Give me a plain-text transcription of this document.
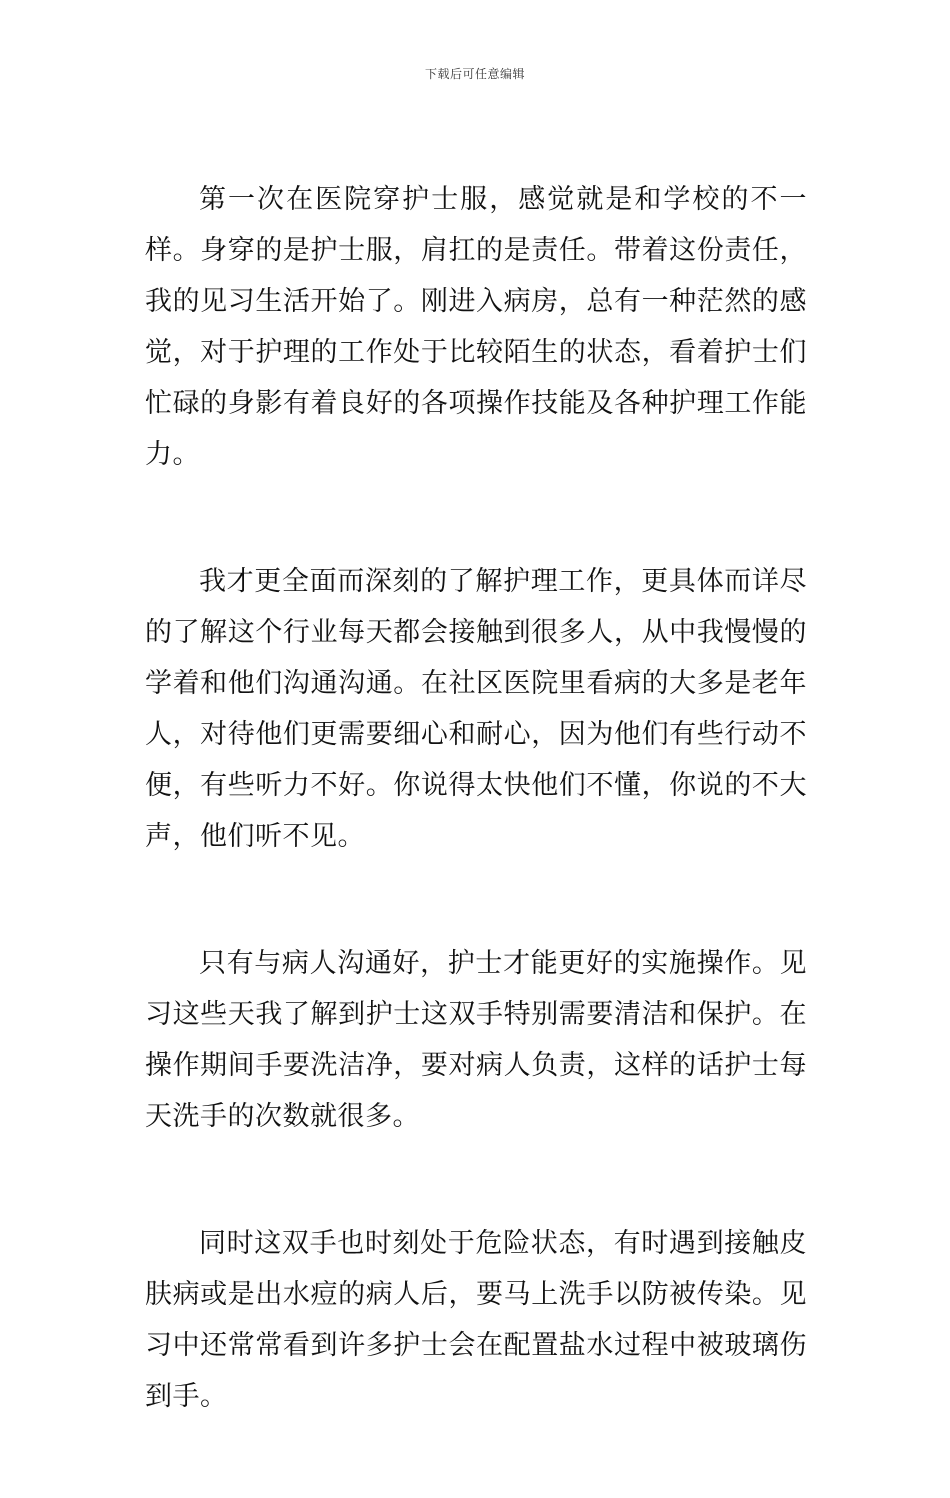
下载后可任意编辑

第一次在医院穿护士服，感觉就是和学校的不一样。身穿的是护士服，肩扛的是责任。带着这份责任，我的见习生活开始了。刚进入病房，总有一种茫然的感觉，对于护理的工作处于比较陌生的状态，看着护士们忙碌的身影有着良好的各项操作技能及各种护理工作能力。

我才更全面而深刻的了解护理工作，更具体而详尽的了解这个行业每天都会接触到很多人，从中我慢慢的学着和他们沟通沟通。在社区医院里看病的大多是老年人，对待他们更需要细心和耐心，因为他们有些行动不便，有些听力不好。你说得太快他们不懂，你说的不大声，他们听不见。

只有与病人沟通好，护士才能更好的实施操作。见习这些天我了解到护士这双手特别需要清洁和保护。在操作期间手要洗洁净，要对病人负责，这样的话护士每天洗手的次数就很多。

同时这双手也时刻处于危险状态，有时遇到接触皮肤病或是出水痘的病人后，要马上洗手以防被传染。见习中还常常看到许多护士会在配置盐水过程中被玻璃伤到手。
